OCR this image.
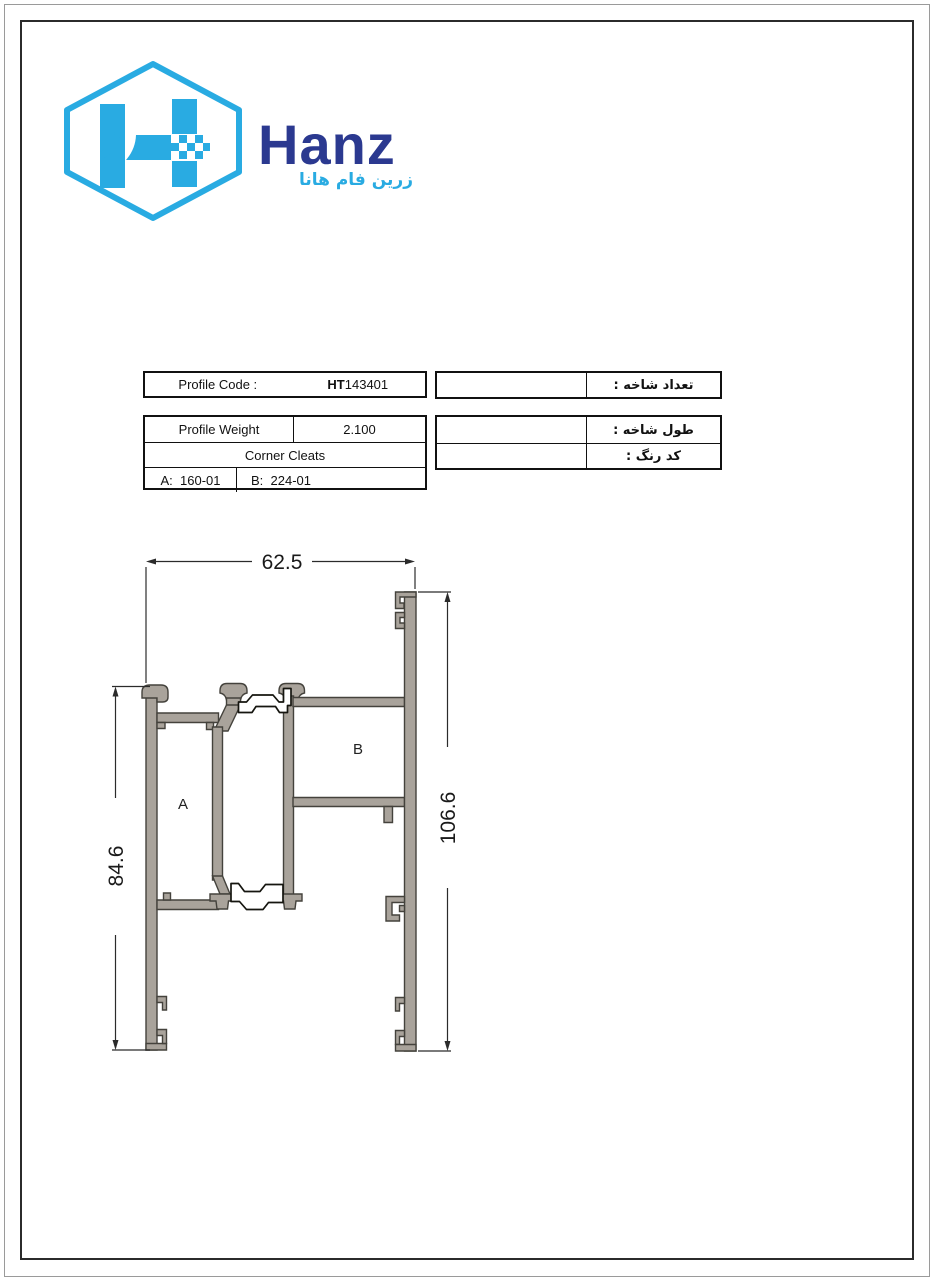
Hanz
زرین فام هانا
Profile Code :	HT 143401
Profile Weight	2.100
Corner Cleats
A:
160-01 B:
224-01
تعداد شاخه :
طول شاخه :
کد رنگ :
62.5
84.6
106.6
A
B
